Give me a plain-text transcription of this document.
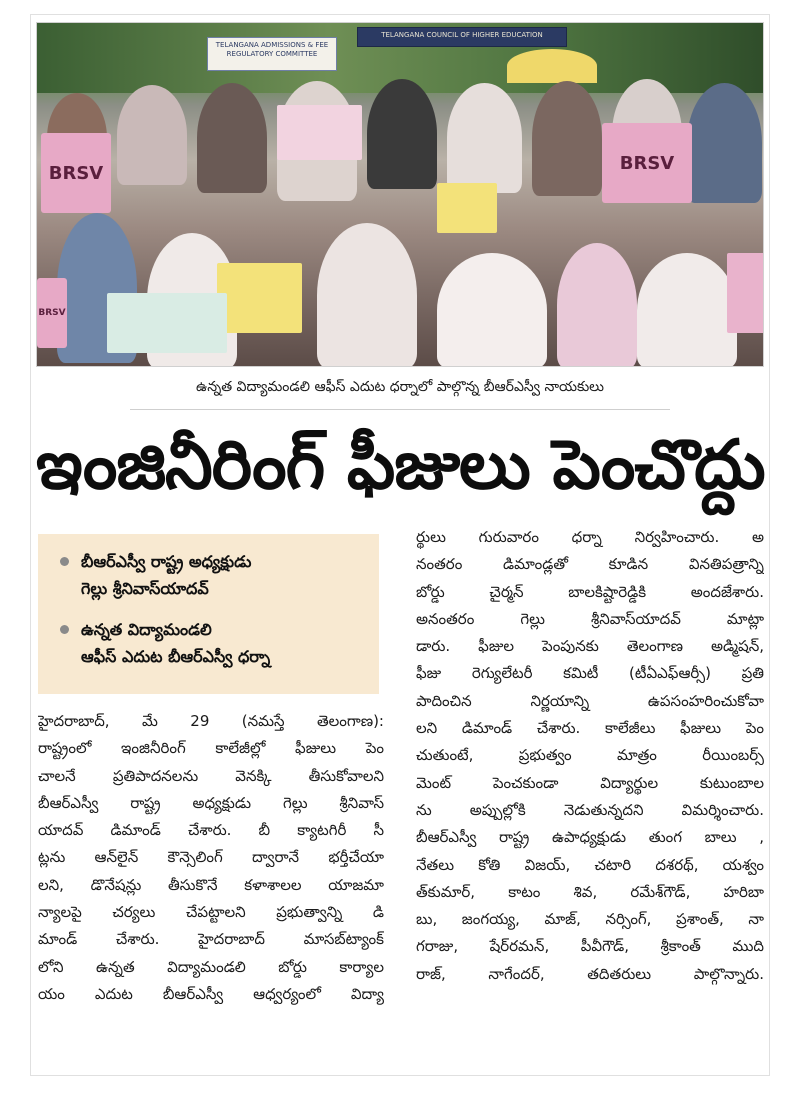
TELANGANA ADMISSIONS & FEE REGULATORY COMMITTEE
TELANGANA COUNCIL OF HIGHER EDUCATION
BRSV	BRSV
BRSV
ఉన్నత విద్యామండలి ఆఫీస్ ఎదుట ధర్నాలో పాల్గొన్న బీఆర్ఎస్వీ నాయకులు
ఇంజినీరింగ్ ఫీజులు పెంచొద్దు
బీఆర్ఎస్వీ రాష్ట్ర అధ్యక్షుడు
గెల్లు శ్రీనివాస్‌యాదవ్
ఉన్నత విద్యామండలి
ఆఫీస్ ఎదుట బీఆర్ఎస్వీ ధర్నా
హైదరాబాద్, మే 29 (నమస్తే తెలంగాణ):
రాష్ట్రంలో ఇంజినీరింగ్ కాలేజీల్లో ఫీజులు పెం
చాలనే ప్రతిపాదనలను వెనక్కి తీసుకోవాలని
బీఆర్ఎస్వీ రాష్ట్ర అధ్యక్షుడు గెల్లు శ్రీనివాస్
యాదవ్ డిమాండ్ చేశారు. బీ క్యాటగిరీ సీ
ట్లను ఆన్‌లైన్ కౌన్సెలింగ్ ద్వారానే భర్తీచేయా
లని, డొనేషన్లు తీసుకొనే కళాశాలల యాజమా
న్యాలపై చర్యలు చేపట్టాలని ప్రభుత్వాన్ని డి
మాండ్ చేశారు. హైదరాబాద్ మాసబ్‌ట్యాంక్
లోని ఉన్నత విద్యామండలి బోర్డు కార్యాల
యం ఎదుట బీఆర్ఎస్వీ ఆధ్వర్యంలో విద్యా
ర్థులు గురువారం ధర్నా నిర్వహించారు. అ
నంతరం డిమాండ్లతో కూడిన వినతిపత్రాన్ని
బోర్డు చైర్మన్ బాలకిష్టారెడ్డికి అందజేశారు.
అనంతరం గెల్లు శ్రీనివాస్‌యాదవ్ మాట్లా
డారు. ఫీజుల పెంపునకు తెలంగాణ అడ్మిషన్,
ఫీజు రెగ్యులేటరీ కమిటీ (టీఏఎఫ్ఆర్సీ) ప్రతి
పాదించిన నిర్ణయాన్ని ఉపసంహరించుకోవా
లని డిమాండ్ చేశారు. కాలేజీలు ఫీజులు పెం
చుతుంటే, ప్రభుత్వం మాత్రం రీయింబర్స్
మెంట్ పెంచకుండా విద్యార్థుల కుటుంబాల
ను అప్పుల్లోకి నెడుతున్నదని విమర్శించారు.
బీఆర్ఎస్వీ రాష్ట్ర ఉపాధ్యక్షుడు తుంగ బాలు ,
నేతలు కోతి విజయ్, చటారి దశరథ్, యశ్వం
త్‌కుమార్, కాటం శివ, రమేశ్‌గౌడ్, హరిబా
బు, జంగయ్య, మాజ్, నర్సింగ్, ప్రశాంత్, నా
గరాజు, షేర్‌రమన్, పీవీగౌడ్, శ్రీకాంత్ ముది
రాజ్, నాగేందర్, తదితరులు పాల్గొన్నారు.
